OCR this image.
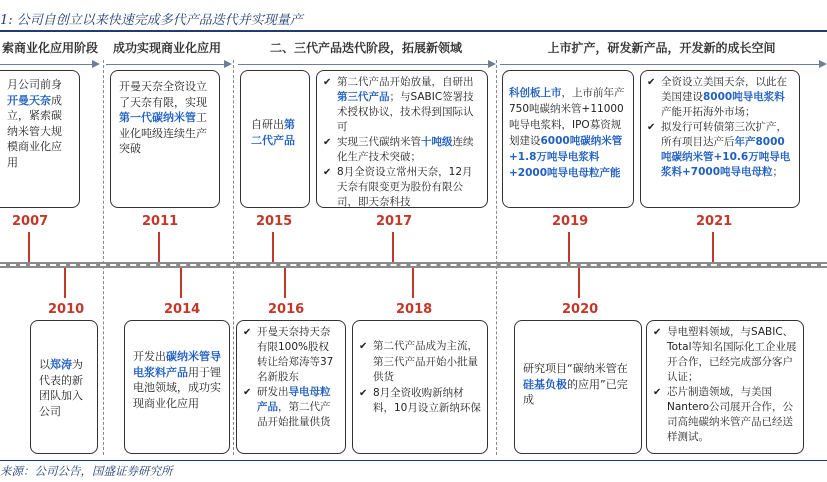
1: 公司自创立以来快速完成多代产品迭代并实现量产
索商业化应用阶段	成功实现商业化应用	二、三代产品迭代阶段，拓展新领域	上市扩产，研发新产品，开发新的成长空间
月公司前身开曼天奈成立，紧索碳纳米管大规模商业化应用
开曼天奈全资设立了天奈有限，实现第一代碳纳米管工业化吨级连续生产突破
自研出第二代产品
✔ 第二代产品开始放量，自研出第三代产品；与SABIC签署技术授权协议，技术得到国际认可
✔ 实现三代碳纳米管十吨级连续化生产技术突破；
✔ 8月全资设立常州天奈，12月天奈有限变更为股份有限公司，即天奈科技
科创板上市，上市前年产750吨碳纳米管+11000吨导电浆料，IPO募资规划建设6000吨碳纳米管+1.8万吨导电浆料+2000吨导电母粒产能
✔ 全资设立美国天奈，以此在美国建设8000吨导电浆料产能开拓海外市场；
✔ 拟发行可转债第三次扩产，所有项目达产后年产8000吨碳纳米管+10.6万吨导电浆料+7000吨导电母粒；
2007	2011	2015	2017	2019	2021
2010	2014	2016	2018	2020
以郑涛为代表的新团队加入公司
开发出碳纳米管导电浆料产品用于锂电池领域，成功实现商业化应用
✔ 开曼天奈持天奈有限100%股权转让给郑涛等37名新股东
✔ 研发出导电母粒产品，第二代产品开始批量供货
✔ 第二代产品成为主流，第三代产品开始小批量供货
✔ 8月全资收购新纳材料，10月设立新纳环保
研究项目“碳纳米管在硅基负极的应用”已完成
✔ 导电塑料领域，与SABIC、Total等知名国际化工企业展开合作，已经完成部分客户认证；
✔ 芯片制造领域，与美国Nantero公司展开合作，公司高纯碳纳米管产品已经送样测试。
来源：公司公告，国盛证券研究所
